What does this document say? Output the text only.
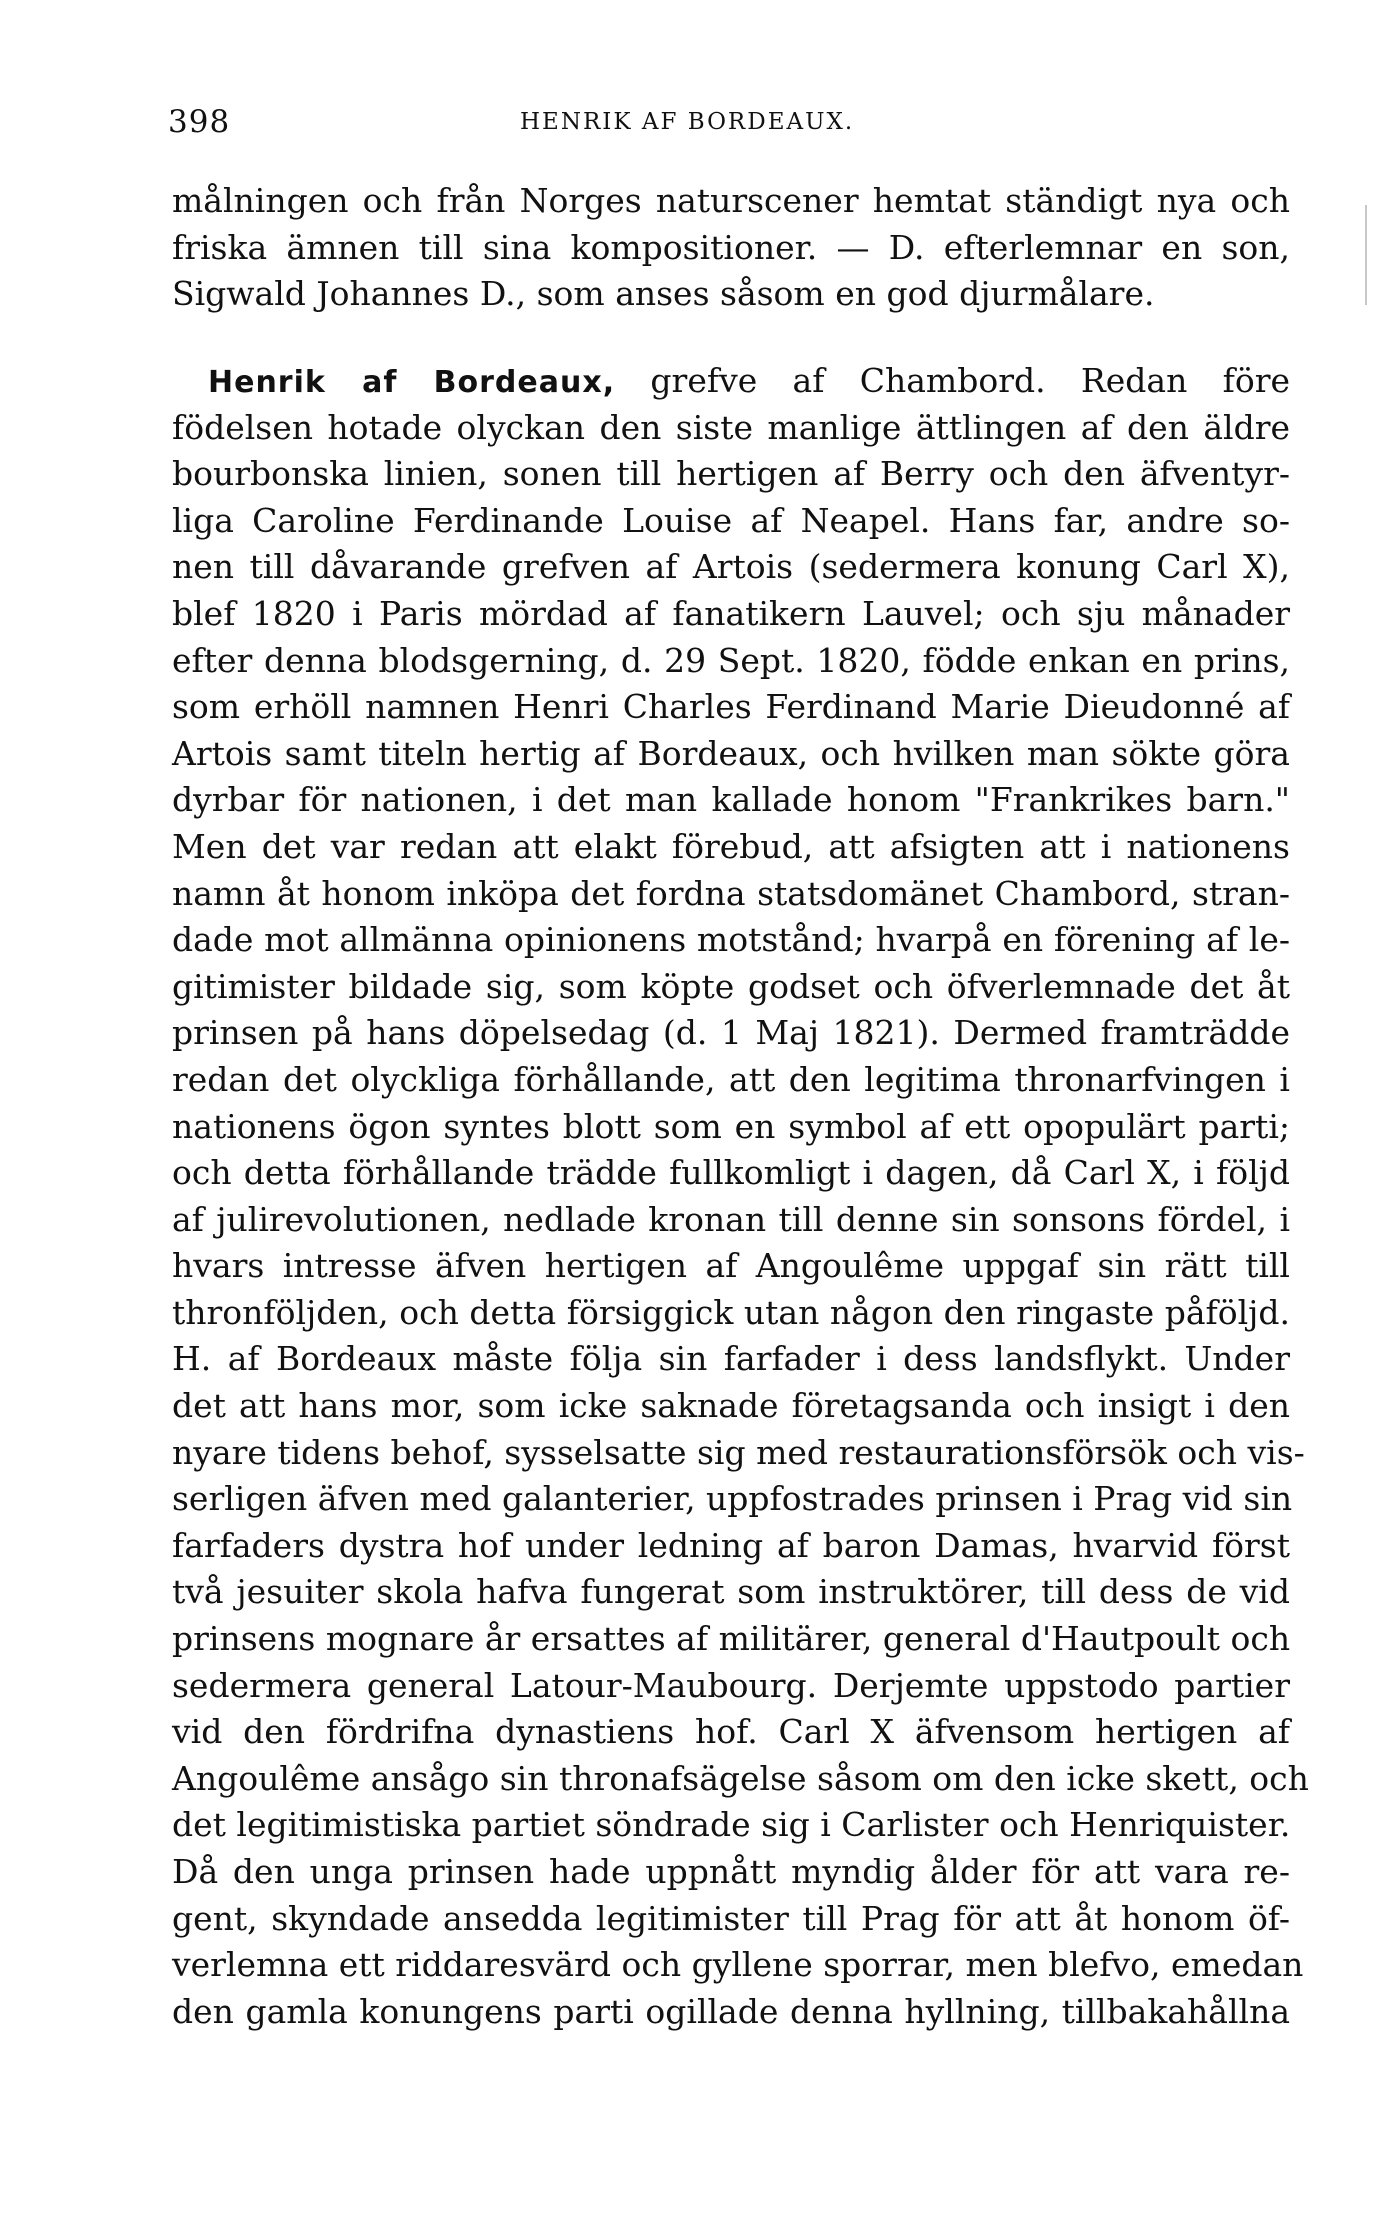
398	HENRIK AF BORDEAUX.
målningen och från Norges naturscener hemtat ständigt nya och
friska ämnen till sina kompositioner. — D. efterlemnar en son,
Sigwald Johannes D., som anses såsom en god djurmålare.
Henrik af Bordeaux, grefve af Chambord. Redan före
födelsen hotade olyckan den siste manlige ättlingen af den äldre
bourbonska linien, sonen till hertigen af Berry och den äfventyr-
liga Caroline Ferdinande Louise af Neapel. Hans far, andre so-
nen till dåvarande grefven af Artois (sedermera konung Carl X),
blef 1820 i Paris mördad af fanatikern Lauvel; och sju månader
efter denna blodsgerning, d. 29 Sept. 1820, födde enkan en prins,
som erhöll namnen Henri Charles Ferdinand Marie Dieudonné af
Artois samt titeln hertig af Bordeaux, och hvilken man sökte göra
dyrbar för nationen, i det man kallade honom "Frankrikes barn."
Men det var redan att elakt förebud, att afsigten att i nationens
namn åt honom inköpa det fordna statsdomänet Chambord, stran-
dade mot allmänna opinionens motstånd; hvarpå en förening af le-
gitimister bildade sig, som köpte godset och öfverlemnade det åt
prinsen på hans döpelsedag (d. 1 Maj 1821). Dermed framträdde
redan det olyckliga förhållande, att den legitima thronarfvingen i
nationens ögon syntes blott som en symbol af ett opopulärt parti;
och detta förhållande trädde fullkomligt i dagen, då Carl X, i följd
af julirevolutionen, nedlade kronan till denne sin sonsons fördel, i
hvars intresse äfven hertigen af Angoulême uppgaf sin rätt till
thronföljden, och detta försiggick utan någon den ringaste påföljd.
H. af Bordeaux måste följa sin farfader i dess landsflykt. Under
det att hans mor, som icke saknade företagsanda och insigt i den
nyare tidens behof, sysselsatte sig med restaurationsförsök och vis-
serligen äfven med galanterier, uppfostrades prinsen i Prag vid sin
farfaders dystra hof under ledning af baron Damas, hvarvid först
två jesuiter skola hafva fungerat som instruktörer, till dess de vid
prinsens mognare år ersattes af militärer, general d'Hautpoult och
sedermera general Latour-Maubourg. Derjemte uppstodo partier
vid den fördrifna dynastiens hof. Carl X äfvensom hertigen af
Angoulême ansågo sin thronafsägelse såsom om den icke skett, och
det legitimistiska partiet söndrade sig i Carlister och Henriquister.
Då den unga prinsen hade uppnått myndig ålder för att vara re-
gent, skyndade ansedda legitimister till Prag för att åt honom öf-
verlemna ett riddaresvärd och gyllene sporrar, men blefvo, emedan
den gamla konungens parti ogillade denna hyllning, tillbakahållna
